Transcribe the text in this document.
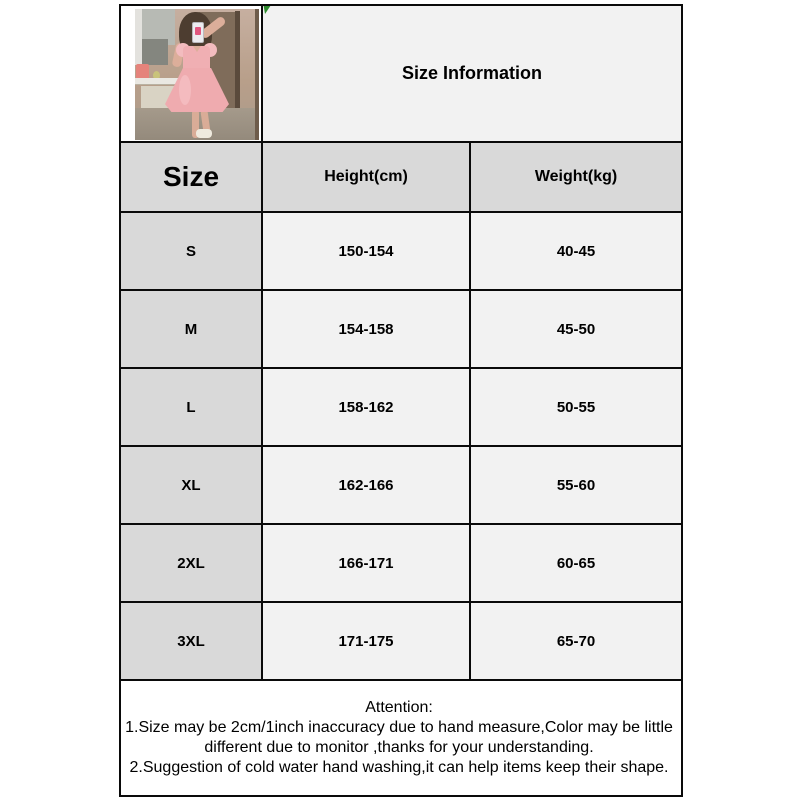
Size Information	
Size	Height(cm)	Weight(kg)
S	150-154	40-45
M	154-158	45-50
L	158-162	50-55
XL	162-166	55-60
2XL	166-171	60-65
3XL	171-175	65-70

Attention:
1.Size may be 2cm/1inch inaccuracy due to hand measure,Color may be little different due to monitor ,thanks for your understanding.
2.Suggestion of cold water hand washing,it can help items keep their shape.		
